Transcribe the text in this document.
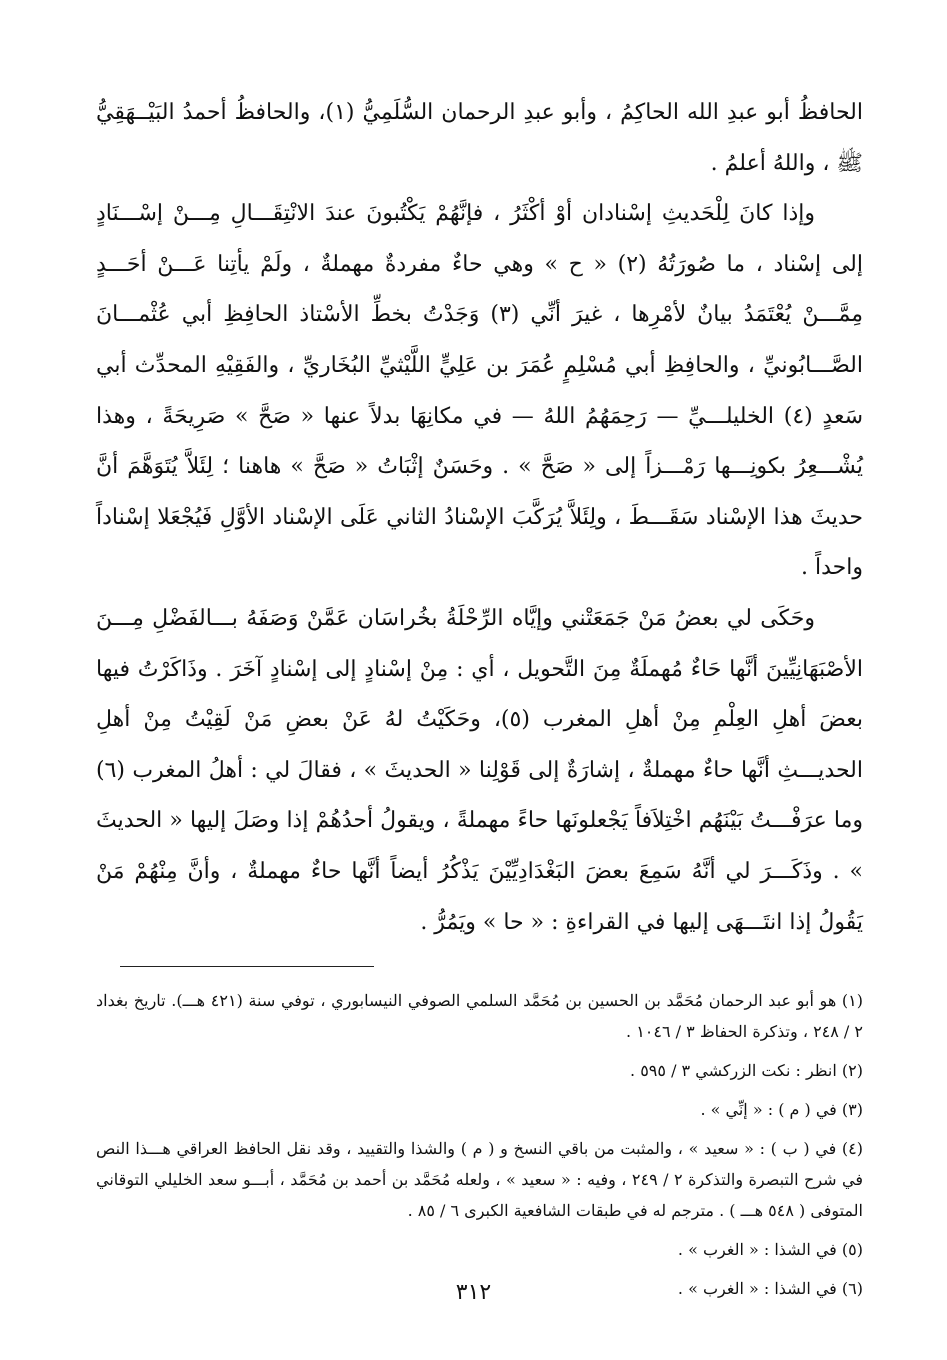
الحافظُ أبو عبدِ الله الحاكِمُ ، وأبو عبدِ الرحمان السُّلَمِيُّ (١)، والحافظُ أحمدُ البَيْــهَقِيُّ ﷺ ، واللهُ أعلمُ .

وإذا كانَ لِلْحَديثِ إسْنادان أوْ أكْثَرُ ، فإنَّهُمْ يَكْتُبونَ عندَ الانْتِقَـــالِ مِـــنْ إسْـــنَادٍ إلى إسْناد ، ما صُورَتُهُ (٢) « ح » وهي حاءٌ مفردةٌ مهملةٌ ، ولَمْ يأتِنا عَـــنْ أحَـــدٍ مِمَّـــنْ يُعْتَمَدُ بيانٌ لأمْرِها ، غيرَ أنِّي (٣) وَجَدْتُ بخطِّ الأسْتاذ الحافِظِ أبي عُثْمـــانَ الصَّـــابُونيِّ ، والحافِظِ أبي مُسْلِمٍ عُمَرَ بن عَلِيٍّ اللَّيْثيِّ البُخَاريِّ ، والفَقِيْهِ المحدِّث أبي سَعدٍ (٤) الخليلـــيِّ — رَحِمَهُمُ اللهُ — في مكانِهَا بدلاً عنها « صَحَّ » صَرِيحَةً ، وهذا يُشْـــعِرُ بكونِـــها رَمْـــزاً إلى « صَحَّ » . وحَسَنٌ إثْبَاتُ « صَحَّ » هاهنا ؛ لِئَلاَّ يُتَوَهَّمَ أنَّ حديثَ هذا الإسْناد سَقَـــطَ ، ولِئَلاَّ يُرَكَّبَ الإسْنادُ الثاني عَلَى الإسْناد الأوَّلِ فَيُجْعَلا إسْناداً واحداً .

وحَكَى لي بعضُ مَنْ جَمَعَتْني وإيَّاه الرِّحْلَةُ بخُراسَان عَمَّنْ وَصَفَهُ بـــالفَضْلِ مِـــنَ الأصْبَهَانِيِّينَ أنَّها حَاءٌ مُهملَةٌ مِنَ التَّحويل ، أي : مِنْ إسْنادٍ إلى إسْنادٍ آخَرَ . وذَاكَرْتُ فيها بعضَ أهلِ العِلْمِ مِنْ أهلِ المغرب (٥)، وحَكَيْتُ لهُ عَنْ بعضِ مَنْ لَقِيْتُ مِنْ أهلِ الحديـــثِ أنَّها حاءٌ مهملةٌ ، إشارَةٌ إلى قَوْلِنا « الحديثَ » ، فقالَ لي : أهلُ المغرب (٦) وما عرَفْـــتُ بَيْنَهُم اخْتِلاَفاً يَجْعلونَها حاءً مهملةً ، ويقولُ أحدُهُمْ إذا وصَلَ إليها « الحديثَ » . وذَكَـــرَ لي أنَّهُ سَمِعَ بعضَ البَغْدَادِيِّيْنَ يَذْكُرُ أيضاً أنَّها حاءٌ مهملةٌ ، وأنَّ مِنْهُمْ مَنْ يَقُولُ إذا انتَـــهَى إليها في القراءةِ : « حا » ويَمُرُّ .

(١) هو أبو عبد الرحمان مُحَمَّد بن الحسين بن مُحَمَّد السلمي الصوفي النيسابوري ، توفي سنة (٤٢١ هـــ). تاريخ بغداد ٢ / ٢٤٨ ، وتذكرة الحفاظ ٣ / ١٠٤٦ .

(٢) انظر : نكت الزركشي ٣ / ٥٩٥ .

(٣) في ( م ) : « إنِّي » .

(٤) في ( ب ) : « سعيد » ، والمثبت من باقي النسخ و ( م ) والشذا والتقييد ، وقد نقل الحافظ العراقي هـــذا النص في شرح التبصرة والتذكرة ٢ / ٢٤٩ ، وفيه : « سعيد » ، ولعله مُحَمَّد بن أحمد بن مُحَمَّد ، أبـــو سعد الخليلي التوقاني المتوفى ( ٥٤٨ هـــ ) . مترجم له في طبقات الشافعية الكبرى ٦ / ٨٥ .

(٥) في الشذا : « الغرب » .

(٦) في الشذا : « الغرب » .

٣١٢
